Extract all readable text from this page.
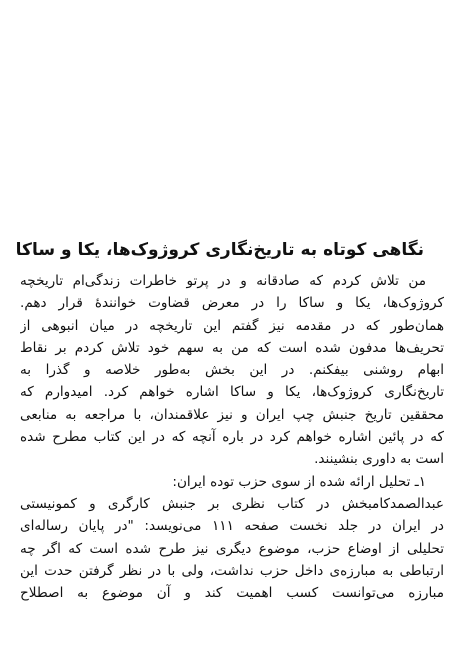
نگاهی کوتاه به تاریخ‌نگاری کروژوک‌ها، یکا و ساکا
من تلاش کردم که صادقانه و در پرتو خاطرات زندگی‌ام تاریخچه
کروژوک‌ها، یکا و ساکا را در معرض قضاوت خوانندهٔ قرار دهم.
همان‌طور که در مقدمه نیز گفتم این تاریخچه در میان انبوهی از
تحریف‌ها مدفون شده است که من به سهم خود تلاش کردم بر نقاط
ابهام روشنی بیفکنم. در این بخش به‌طور خلاصه و گذرا به
تاریخ‌نگاری کروژوک‌ها، یکا و ساکا اشاره خواهم کرد. امیدوارم که
محققین تاریخ جنبش چپ ایران و نیز علاقمندان، با مراجعه به منابعی
که در پائین اشاره خواهم کرد در باره آنچه که در این کتاب مطرح شده
است به داوری بنشینند.
۱ـ تحلیل ارائه شده از سوی حزب توده ایران:
عبدالصمدکامبخش در کتاب نظری بر جنبش کارگری و کمونیستی
در ایران در جلد نخست صفحه ۱۱۱ می‌نویسد: "در پایان رساله‌ای
تحلیلی از اوضاع حزب، موضوع دیگری نیز طرح شده است که اگر چه
ارتباطی به مبارزه‌ی داخل حزب نداشت، ولی با در نظر گرفتن حدت این
مبارزه می‌توانست کسب اهمیت کند و آن موضوع به اصطلاح
